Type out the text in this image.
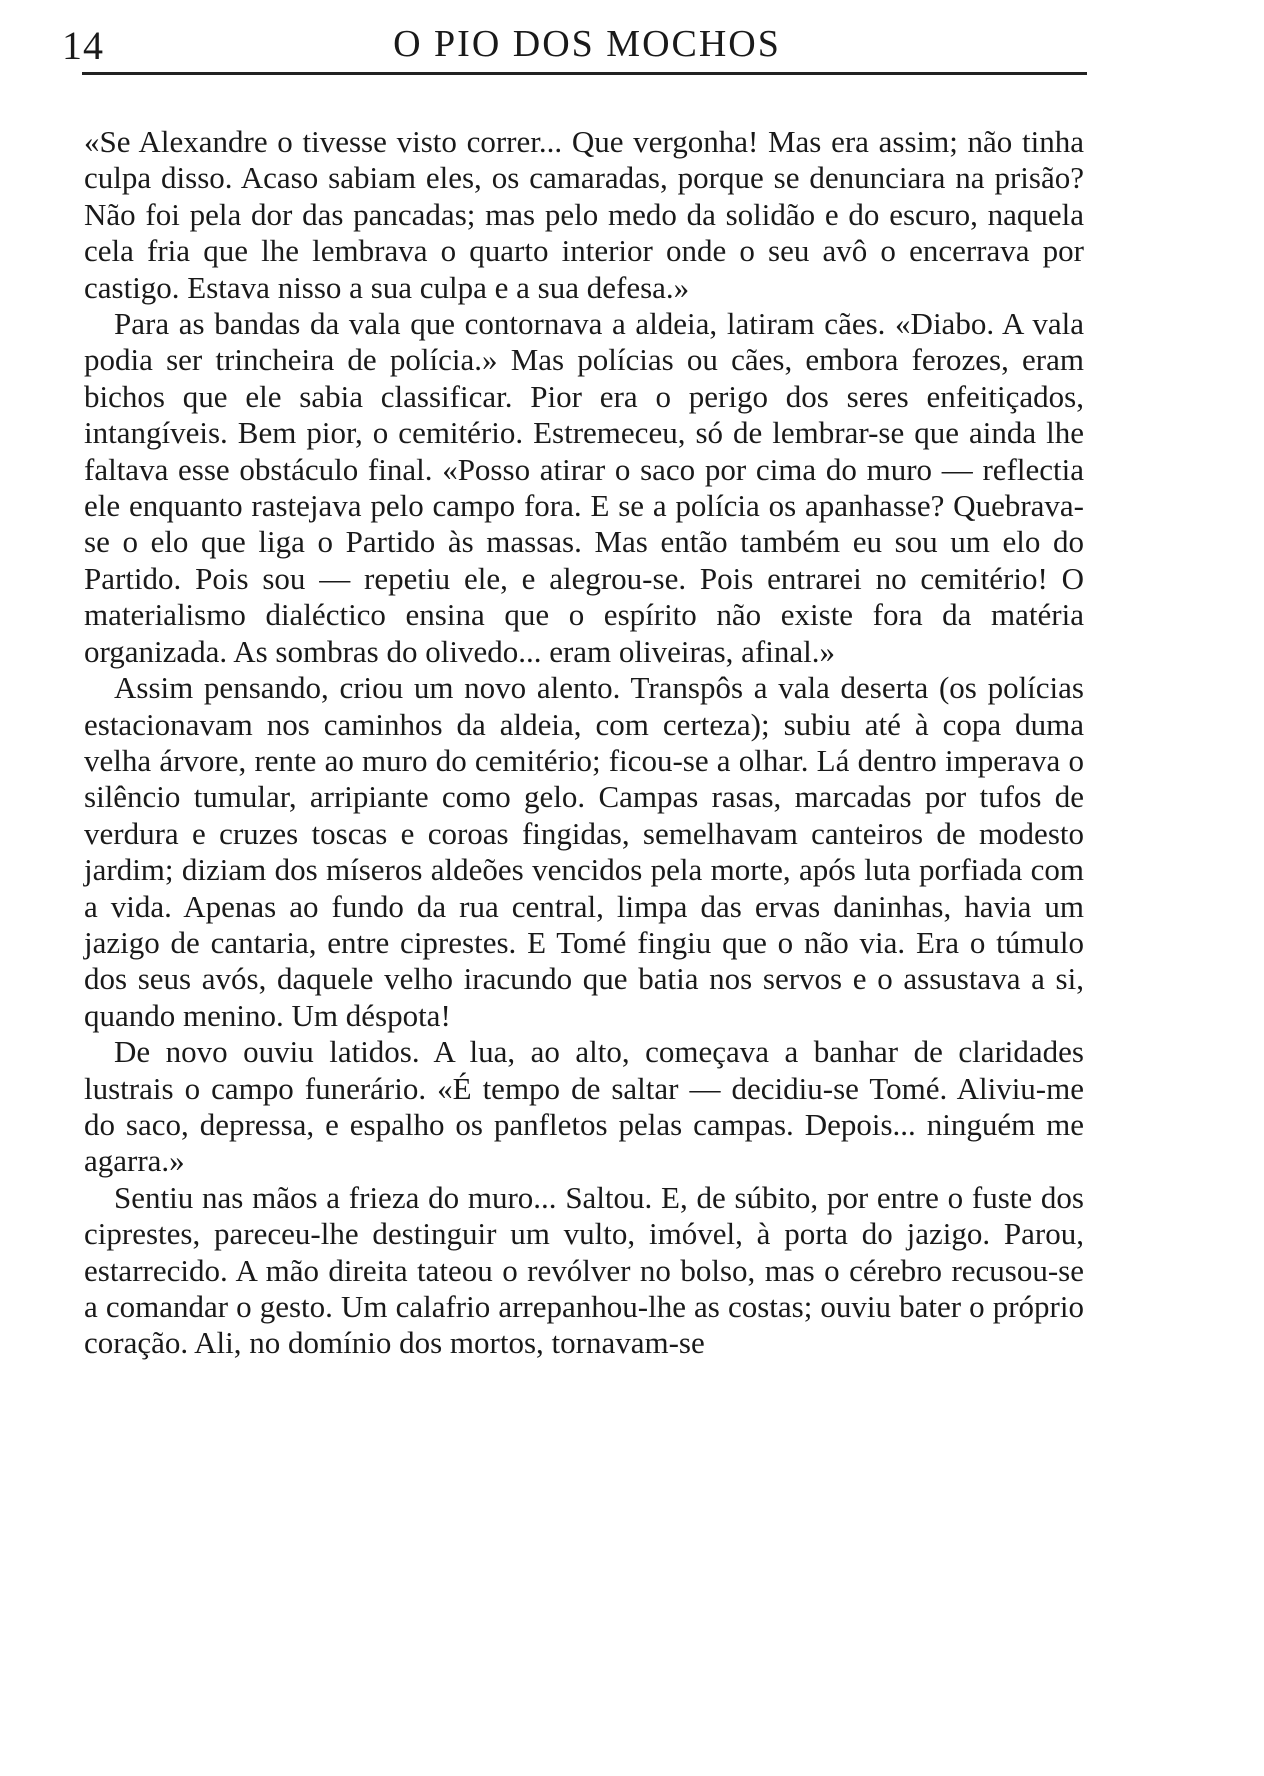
14	O PIO DOS MOCHOS

«Se Alexandre o tivesse visto correr... Que vergonha! Mas era assim; não tinha culpa disso. Acaso sabiam eles, os camaradas, porque se denunciara na prisão? Não foi pela dor das pancadas; mas pelo medo da solidão e do escuro, naquela cela fria que lhe lembrava o quarto interior onde o seu avô o encerrava por castigo. Estava nisso a sua culpa e a sua defesa.»

Para as bandas da vala que contornava a aldeia, latiram cães. «Diabo. A vala podia ser trincheira de polícia.» Mas polícias ou cães, embora ferozes, eram bichos que ele sabia classificar. Pior era o perigo dos seres enfeitiçados, intangíveis. Bem pior, o cemitério. Estremeceu, só de lembrar-se que ainda lhe faltava esse obstáculo final. «Posso atirar o saco por cima do muro — reflectia ele enquanto rastejava pelo campo fora. E se a polícia os apanhasse? Quebrava-se o elo que liga o Partido às massas. Mas então também eu sou um elo do Partido. Pois sou — repetiu ele, e alegrou-se. Pois entrarei no cemitério! O materialismo dialéctico ensina que o espírito não existe fora da matéria organizada. As sombras do olivedo... eram oliveiras, afinal.»

Assim pensando, criou um novo alento. Transpôs a vala deserta (os polícias estacionavam nos caminhos da aldeia, com certeza); subiu até à copa duma velha árvore, rente ao muro do cemitério; ficou-se a olhar. Lá dentro imperava o silêncio tumular, arripiante como gelo. Campas rasas, marcadas por tufos de verdura e cruzes toscas e coroas fingidas, semelhavam canteiros de modesto jardim; diziam dos míseros aldeões vencidos pela morte, após luta porfiada com a vida. Apenas ao fundo da rua central, limpa das ervas daninhas, havia um jazigo de cantaria, entre ciprestes. E Tomé fingiu que o não via. Era o túmulo dos seus avós, daquele velho iracundo que batia nos servos e o assustava a si, quando menino. Um déspota!

De novo ouviu latidos. A lua, ao alto, começava a banhar de claridades lustrais o campo funerário. «É tempo de saltar — decidiu-se Tomé. Aliviu-me do saco, depressa, e espalho os panfletos pelas campas. Depois... ninguém me agarra.»

Sentiu nas mãos a frieza do muro... Saltou. E, de súbito, por entre o fuste dos ciprestes, pareceu-lhe destinguir um vulto, imóvel, à porta do jazigo. Parou, estarrecido. A mão direita tateou o revólver no bolso, mas o cérebro recusou-se a comandar o gesto. Um calafrio arrepanhou-lhe as costas; ouviu bater o próprio coração. Ali, no domínio dos mortos, tornavam-se
